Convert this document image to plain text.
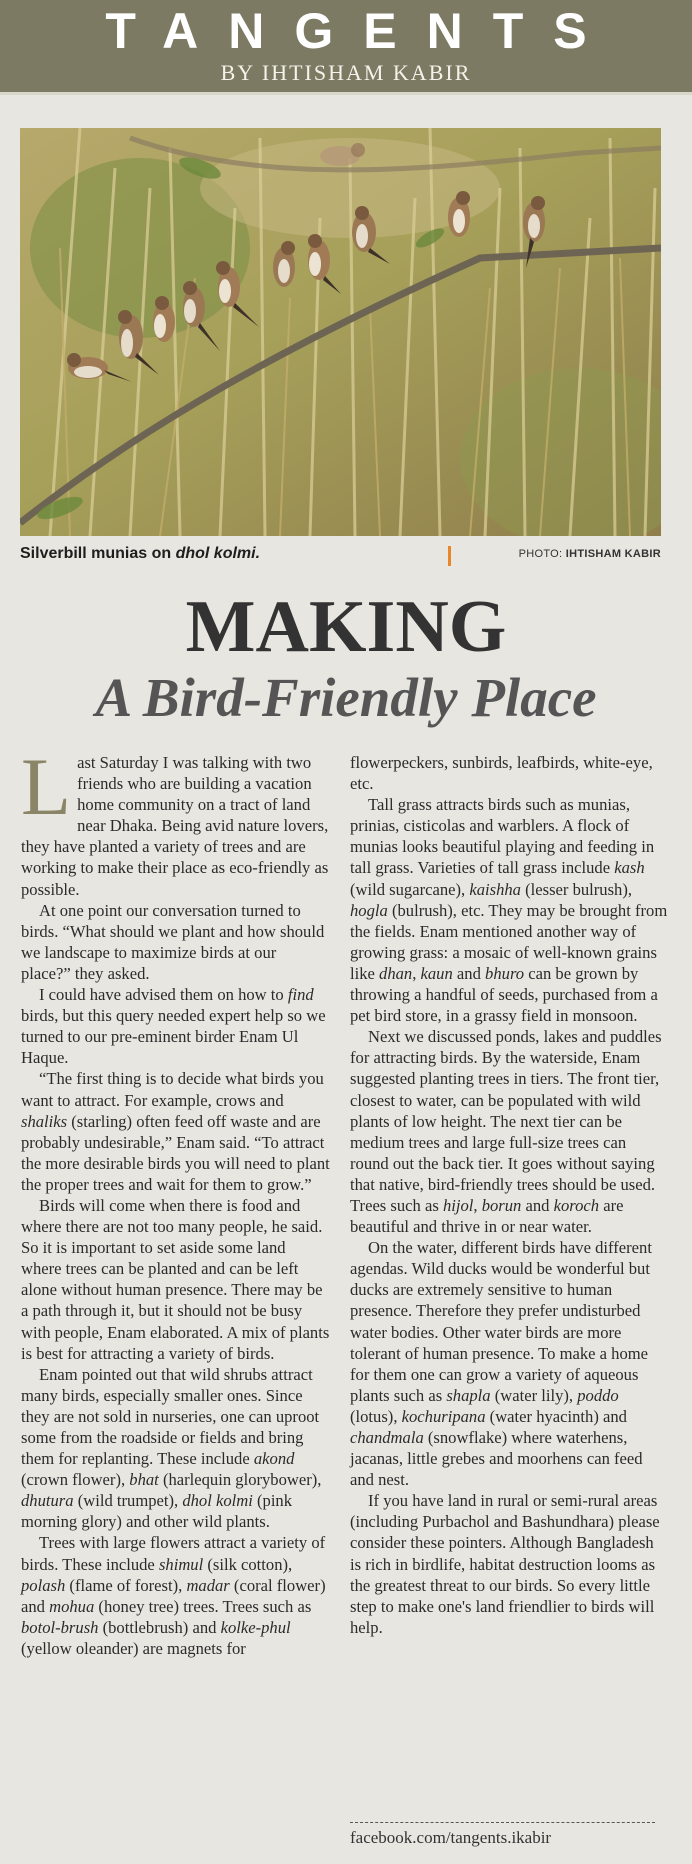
TANGENTS
BY IHTISHAM KABIR
Silverbill munias on dhol kolmi.	PHOTO: IHTISHAM KABIR
MAKING
A Bird-Friendly Place

Last Saturday I was talking with two friends who are building a vacation home community on a tract of land near Dhaka. Being avid nature lovers, they have planted a variety of trees and are working to make their place as eco-friendly as possible.

At one point our conversation turned to birds. “What should we plant and how should we landscape to maximize birds at our place?” they asked.

I could have advised them on how to find birds, but this query needed expert help so we turned to our pre-eminent birder Enam Ul Haque.

“The first thing is to decide what birds you want to attract. For example, crows and shaliks (starling) often feed off waste and are probably undesirable,” Enam said. “To attract the more desirable birds you will need to plant the proper trees and wait for them to grow.”

Birds will come when there is food and where there are not too many people, he said. So it is important to set aside some land where trees can be planted and can be left alone without human presence. There may be a path through it, but it should not be busy with people, Enam elaborated. A mix of plants is best for attracting a variety of birds.

Enam pointed out that wild shrubs attract many birds, especially smaller ones. Since they are not sold in nurseries, one can uproot some from the roadside or fields and bring them for replanting. These include akond (crown flower), bhat (harlequin glorybower), dhutura (wild trumpet), dhol kolmi (pink morning glory) and other wild plants.

Trees with large flowers attract a variety of birds. These include shimul (silk cotton), polash (flame of forest), madar (coral flower) and mohua (honey tree) trees. Trees such as botol-brush (bottlebrush) and kolke-phul (yellow oleander) are magnets for

flowerpeckers, sunbirds, leafbirds, white-eye, etc.

Tall grass attracts birds such as munias, prinias, cisticolas and warblers. A flock of munias looks beautiful playing and feeding in tall grass. Varieties of tall grass include kash (wild sugarcane), kaishha (lesser bulrush), hogla (bulrush), etc. They may be brought from the fields. Enam mentioned another way of growing grass: a mosaic of well-known grains like dhan, kaun and bhuro can be grown by throwing a handful of seeds, purchased from a pet bird store, in a grassy field in monsoon.

Next we discussed ponds, lakes and puddles for attracting birds. By the waterside, Enam suggested planting trees in tiers. The front tier, closest to water, can be populated with wild plants of low height. The next tier can be medium trees and large full-size trees can round out the back tier. It goes without saying that native, bird-friendly trees should be used. Trees such as hijol, borun and koroch are beautiful and thrive in or near water.

On the water, different birds have different agendas. Wild ducks would be wonderful but ducks are extremely sensitive to human presence. Therefore they prefer undisturbed water bodies. Other water birds are more tolerant of human presence. To make a home for them one can grow a variety of aqueous plants such as shapla (water lily), poddo (lotus), kochuripana (water hyacinth) and chandmala (snowflake) where waterhens, jacanas, little grebes and moorhens can feed and nest.

If you have land in rural or semi-rural areas (including Purbachol and Bashundhara) please consider these pointers. Although Bangladesh is rich in birdlife, habitat destruction looms as the greatest threat to our birds. So every little step to make one's land friendlier to birds will help.

facebook.com/tangents.ikabir
